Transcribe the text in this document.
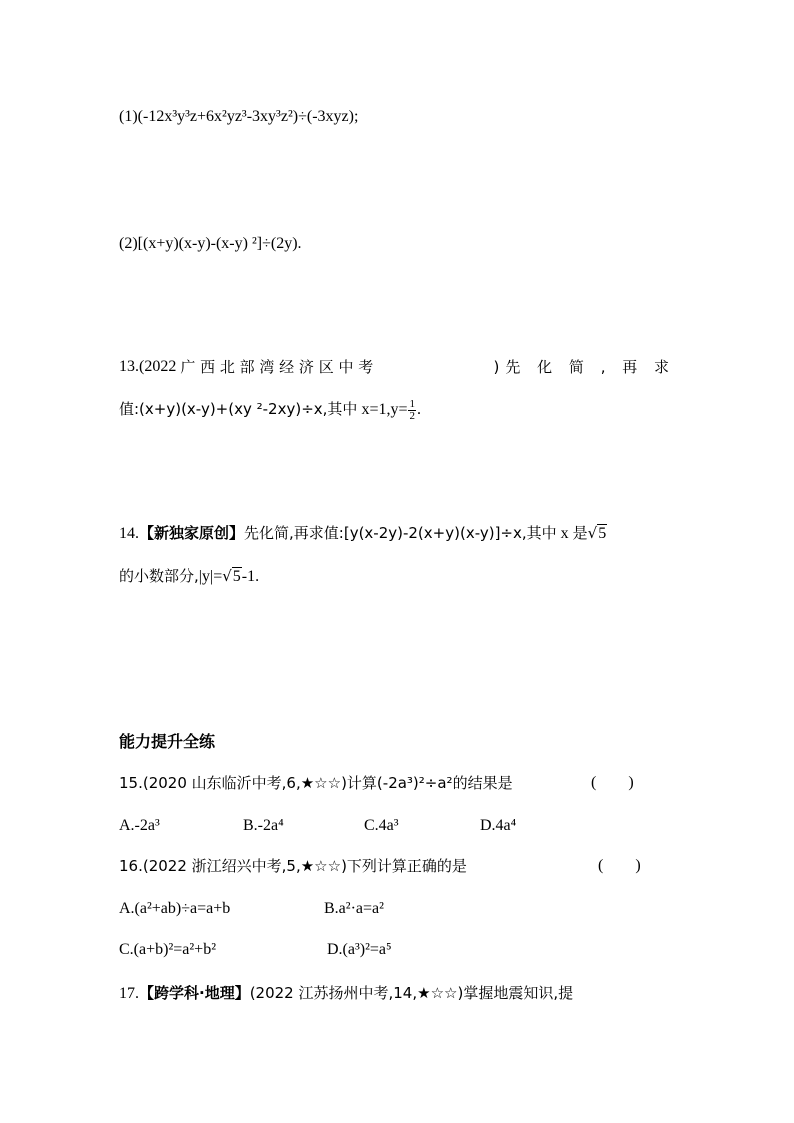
(1)(-12x³y³z+6x²yz³-3xy³z²)÷(-3xyz);
(2)[(x+y)(x-y)-(x-y) ²]÷(2y).
13.(2022 广 西 北 部 湾 经 济 区 中 考	)先 化 简 , 再 求
值:(x+y)(x-y)+(xy ²-2xy)÷x,其中 $x=1,y= \frac{1}{2}$ .
14.【新独家原创】先化简,再求值:[y(x-2y)-2(x+y)(x-y)]÷x,其中 x 是√5
的小数部分,|y|=√5-1.
能力提升全练
15.(2020 山东临沂中考,6,★☆☆)计算(-2a³)²÷a²的结果是	(        )
A.-2a³	B.-2a⁴	C.4a³	D.4a⁴
16.(2022 浙江绍兴中考,5,★☆☆)下列计算正确的是	(        )
A.(a²+ab)÷a=a+b	B.a²·a=a²
C.(a+b)²=a²+b²	D.(a³)²=a⁵
17.【跨学科·地理】(2022 江苏扬州中考,14,★☆☆)掌握地震知识,提
